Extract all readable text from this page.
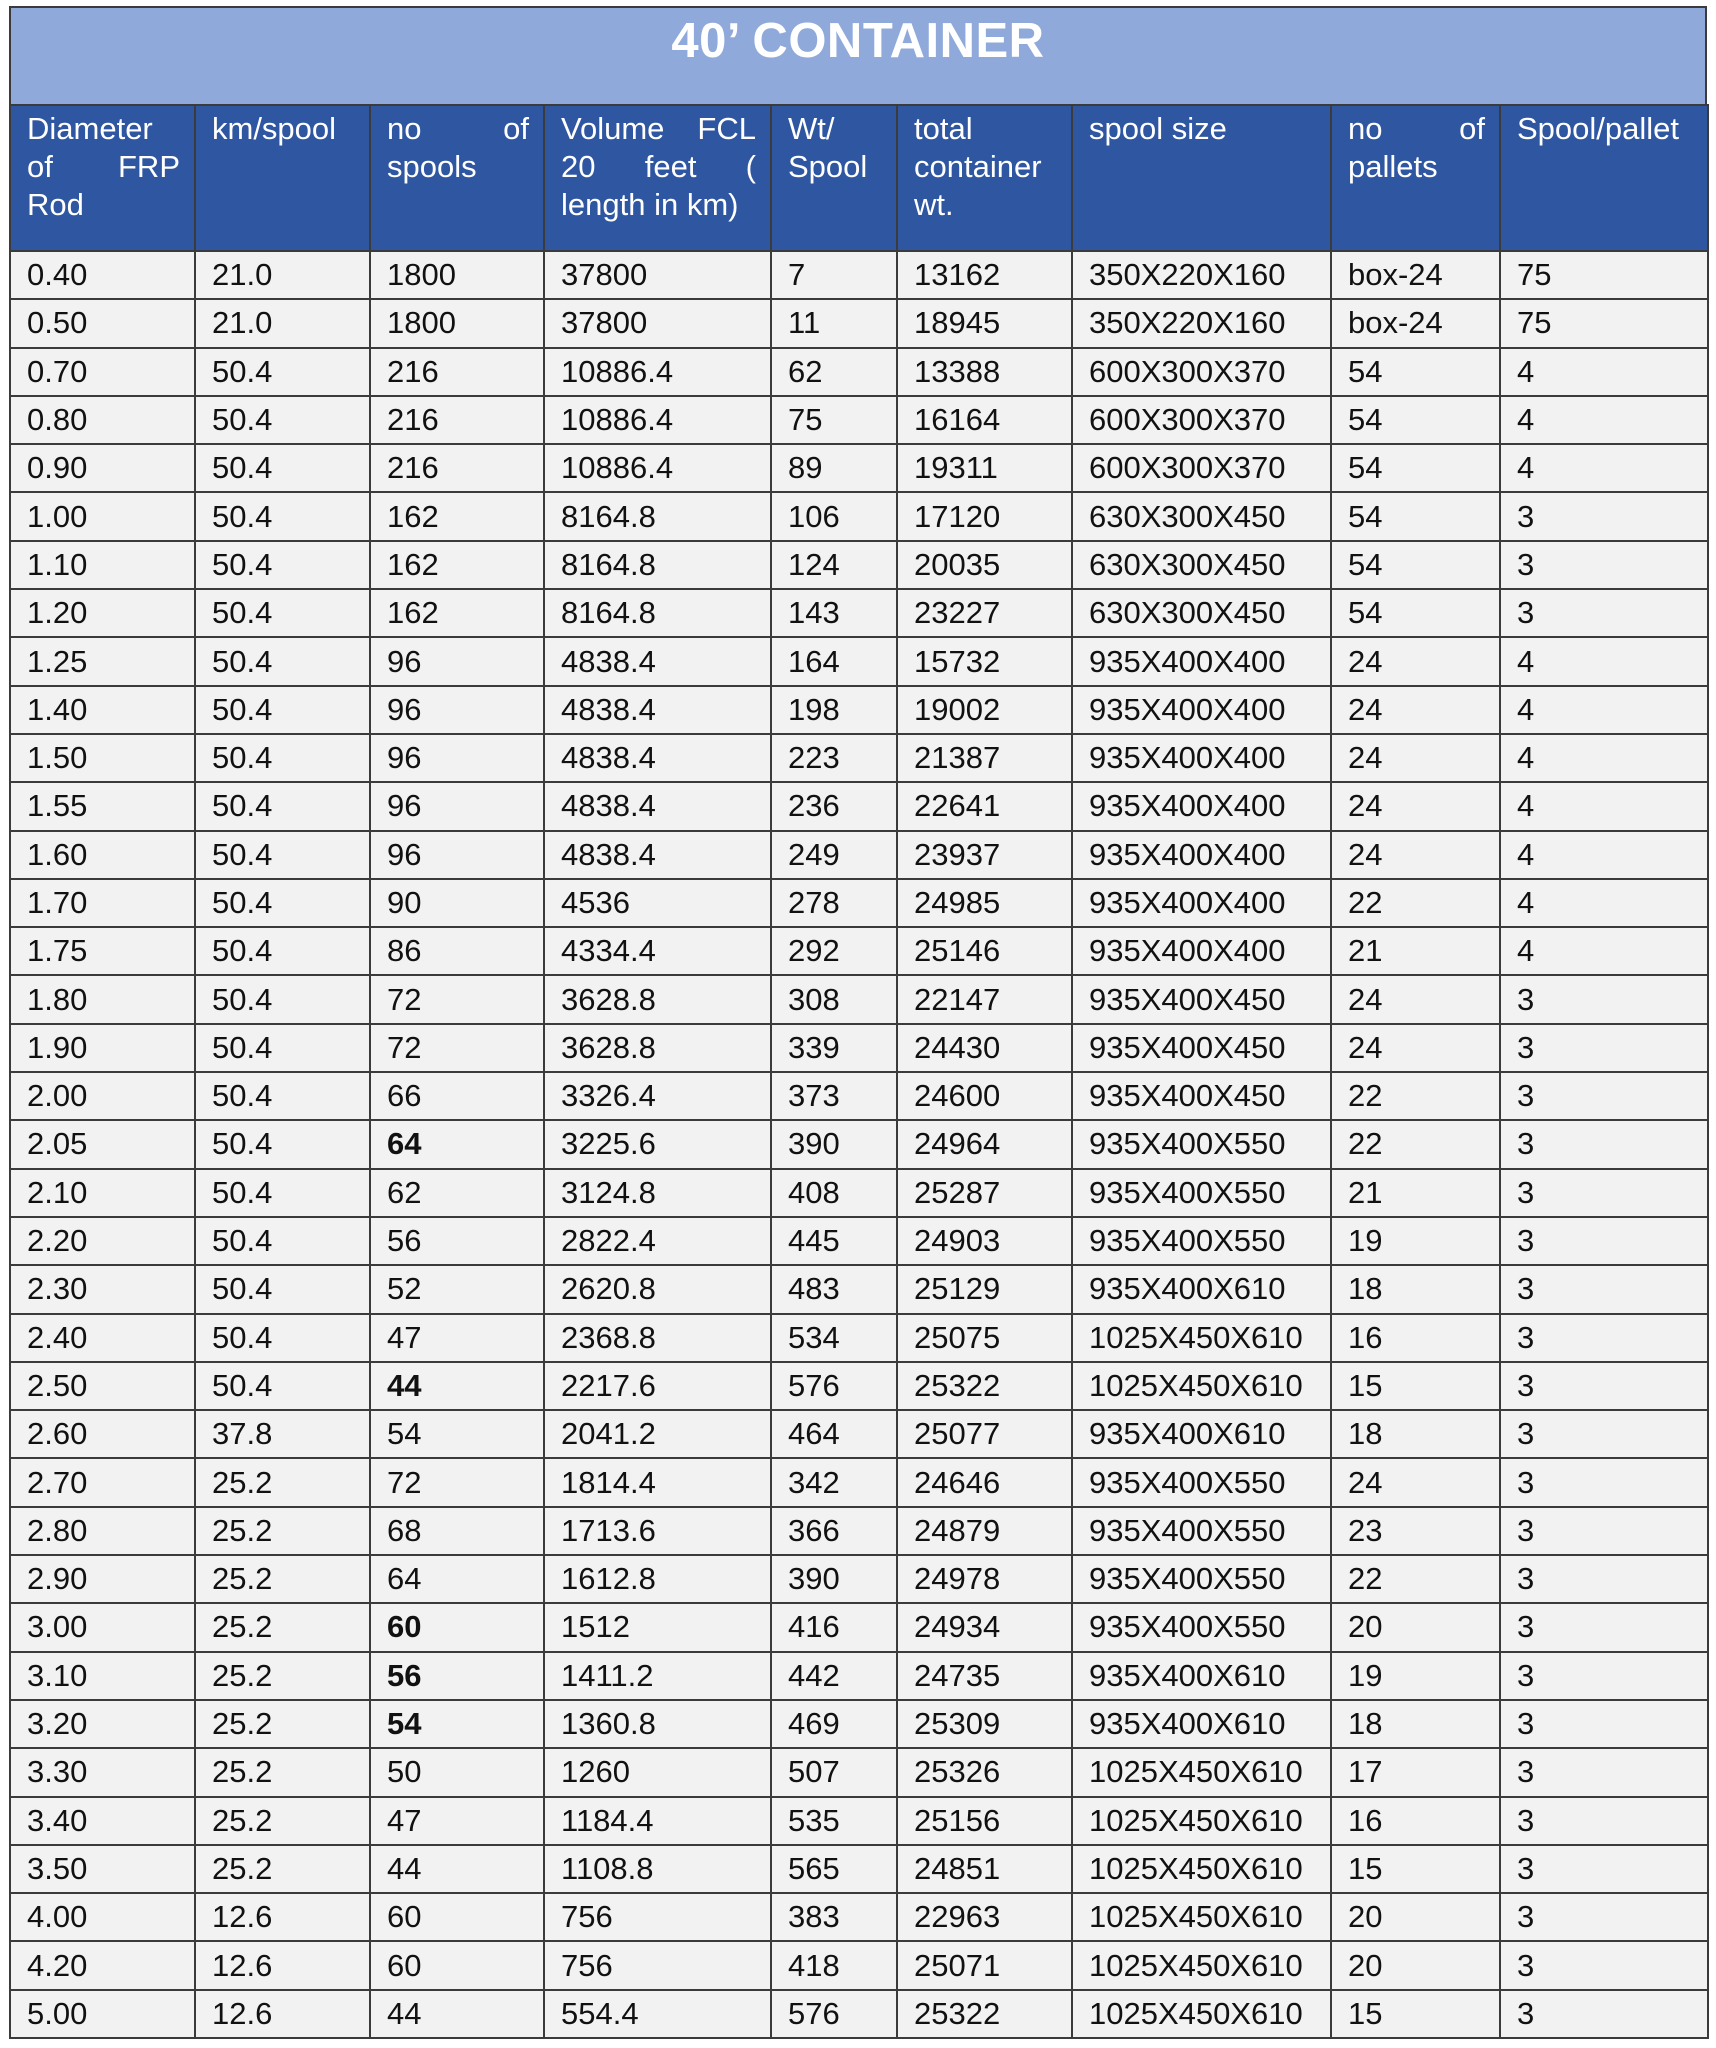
40’ CONTAINER
Diameter of FRP Rod	km/spool	no of spools	Volume FCL 20 feet ( length in km)	Wt/ Spool	total container wt.	spool size	no of pallets	Spool/pallet
0.40	21.0	1800	37800	7	13162	350X220X160	box-24	75
0.50	21.0	1800	37800	11	18945	350X220X160	box-24	75
0.70	50.4	216	10886.4	62	13388	600X300X370	54	4
0.80	50.4	216	10886.4	75	16164	600X300X370	54	4
0.90	50.4	216	10886.4	89	19311	600X300X370	54	4
1.00	50.4	162	8164.8	106	17120	630X300X450	54	3
1.10	50.4	162	8164.8	124	20035	630X300X450	54	3
1.20	50.4	162	8164.8	143	23227	630X300X450	54	3
1.25	50.4	96	4838.4	164	15732	935X400X400	24	4
1.40	50.4	96	4838.4	198	19002	935X400X400	24	4
1.50	50.4	96	4838.4	223	21387	935X400X400	24	4
1.55	50.4	96	4838.4	236	22641	935X400X400	24	4
1.60	50.4	96	4838.4	249	23937	935X400X400	24	4
1.70	50.4	90	4536	278	24985	935X400X400	22	4
1.75	50.4	86	4334.4	292	25146	935X400X400	21	4
1.80	50.4	72	3628.8	308	22147	935X400X450	24	3
1.90	50.4	72	3628.8	339	24430	935X400X450	24	3
2.00	50.4	66	3326.4	373	24600	935X400X450	22	3
2.05	50.4	64	3225.6	390	24964	935X400X550	22	3
2.10	50.4	62	3124.8	408	25287	935X400X550	21	3
2.20	50.4	56	2822.4	445	24903	935X400X550	19	3
2.30	50.4	52	2620.8	483	25129	935X400X610	18	3
2.40	50.4	47	2368.8	534	25075	1025X450X610	16	3
2.50	50.4	44	2217.6	576	25322	1025X450X610	15	3
2.60	37.8	54	2041.2	464	25077	935X400X610	18	3
2.70	25.2	72	1814.4	342	24646	935X400X550	24	3
2.80	25.2	68	1713.6	366	24879	935X400X550	23	3
2.90	25.2	64	1612.8	390	24978	935X400X550	22	3
3.00	25.2	60	1512	416	24934	935X400X550	20	3
3.10	25.2	56	1411.2	442	24735	935X400X610	19	3
3.20	25.2	54	1360.8	469	25309	935X400X610	18	3
3.30	25.2	50	1260	507	25326	1025X450X610	17	3
3.40	25.2	47	1184.4	535	25156	1025X450X610	16	3
3.50	25.2	44	1108.8	565	24851	1025X450X610	15	3
4.00	12.6	60	756	383	22963	1025X450X610	20	3
4.20	12.6	60	756	418	25071	1025X450X610	20	3
5.00	12.6	44	554.4	576	25322	1025X450X610	15	3
